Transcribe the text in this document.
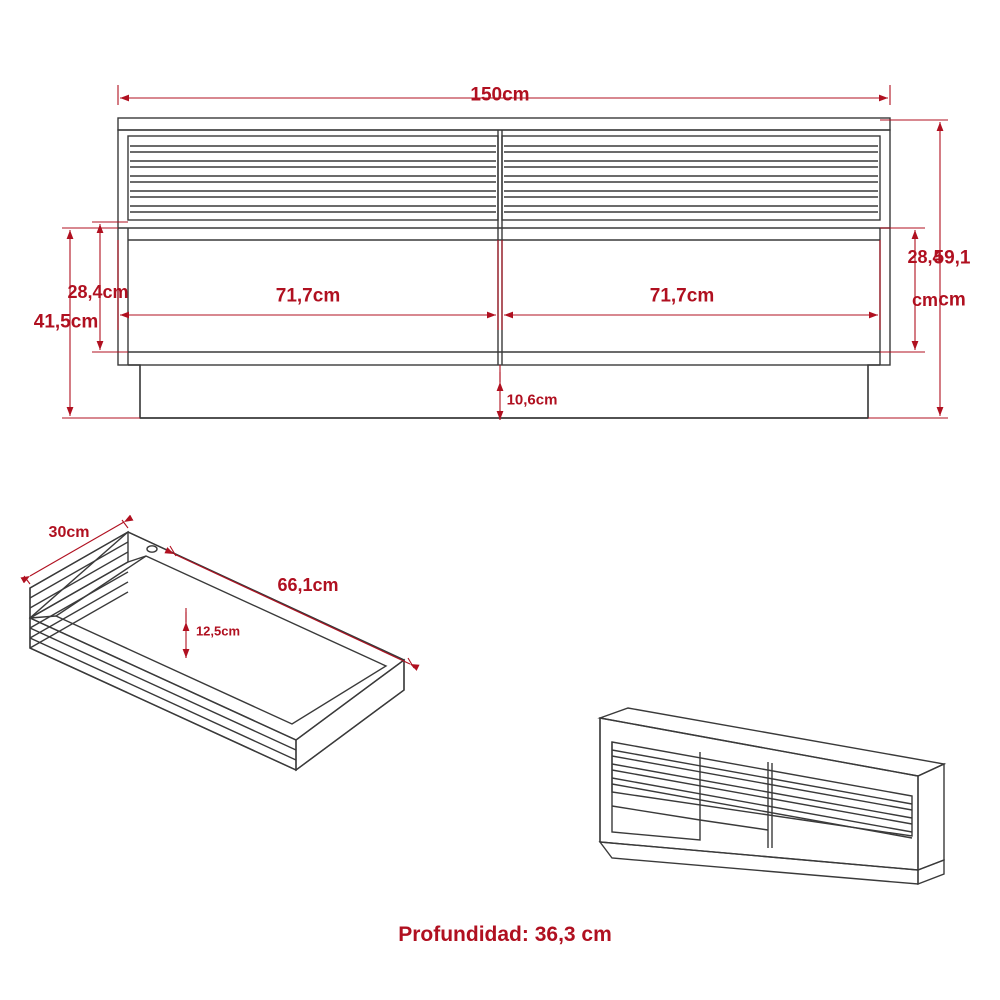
150cm
59,1
cm
28,4
cm
41,5cm
28,4cm	71,7cm	71,7cm
10,6cm
30cm
66,1cm
12,5cm
Profundidad: 36,3 cm
